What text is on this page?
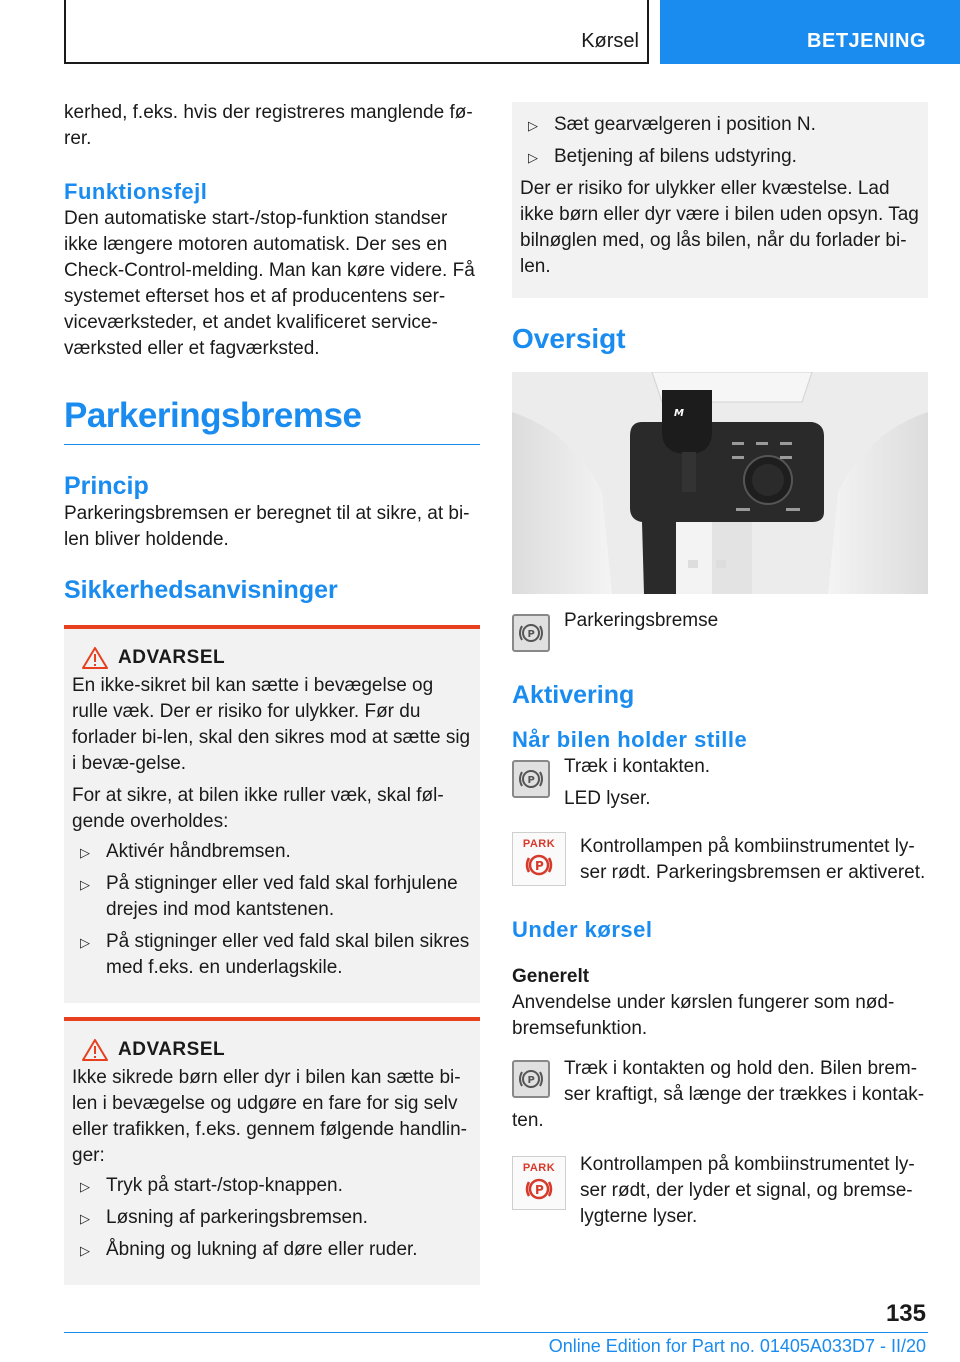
Kørsel	BETJENING

kerhed, f.eks. hvis der registreres manglende fø-rer.

Funktionsfejl

Den automatiske start-/stop-funktion standser ikke længere motoren automatisk. Der ses en Check-Control-melding. Man kan køre videre. Få systemet efterset hos et af producentens ser-viceværksteder, et andet kvalificeret service-værksted eller et fagværksted.

Parkeringsbremse
Princip

Parkeringsbremsen er beregnet til at sikre, at bi-len bliver holdende.

Sikkerhedsanvisninger
ADVARSEL

En ikke-sikret bil kan sætte i bevægelse og rulle væk. Der er risiko for ulykker. Før du forlader bi-len, skal den sikres mod at sætte sig i bevæ-gelse.

For at sikre, at bilen ikke ruller væk, skal føl-gende overholdes:

▷ Aktivér håndbremsen.
▷ På stigninger eller ved fald skal forhjulene drejes ind mod kantstenen.
▷ På stigninger eller ved fald skal bilen sikres med f.eks. en underlagskile.
ADVARSEL

Ikke sikrede børn eller dyr i bilen kan sætte bi-len i bevægelse og udgøre en fare for sig selv eller trafikken, f.eks. gennem følgende handlin-ger:

▷ Tryk på start-/stop-knappen.
▷ Løsning af parkeringsbremsen.
▷ Åbning og lukning af døre eller ruder.
▷ Sæt gearvælgeren i position N.
▷ Betjening af bilens udstyring.

Der er risiko for ulykker eller kvæstelse. Lad ikke børn eller dyr være i bilen uden opsyn. Tag bilnøglen med, og lås bilen, når du forlader bi-len.

Oversigt
M
P

Parkeringsbremse

Aktivering
Når bilen holder stille
P

Træk i kontakten.

LED lyser.

PARK
P

Kontrollampen på kombiinstrumentet ly-ser rødt. Parkeringsbremsen er aktiveret.

Under kørsel
Generelt

Anvendelse under kørslen fungerer som nød-bremsefunktion.

P

Træk i kontakten og hold den. Bilen brem-ser kraftigt, så længe der trækkes i kontak-ten.

PARK
P

Kontrollampen på kombiinstrumentet ly-ser rødt, der lyder et signal, og bremse-lygterne lyser.

135
Online Edition for Part no. 01405A033D7 - II/20
